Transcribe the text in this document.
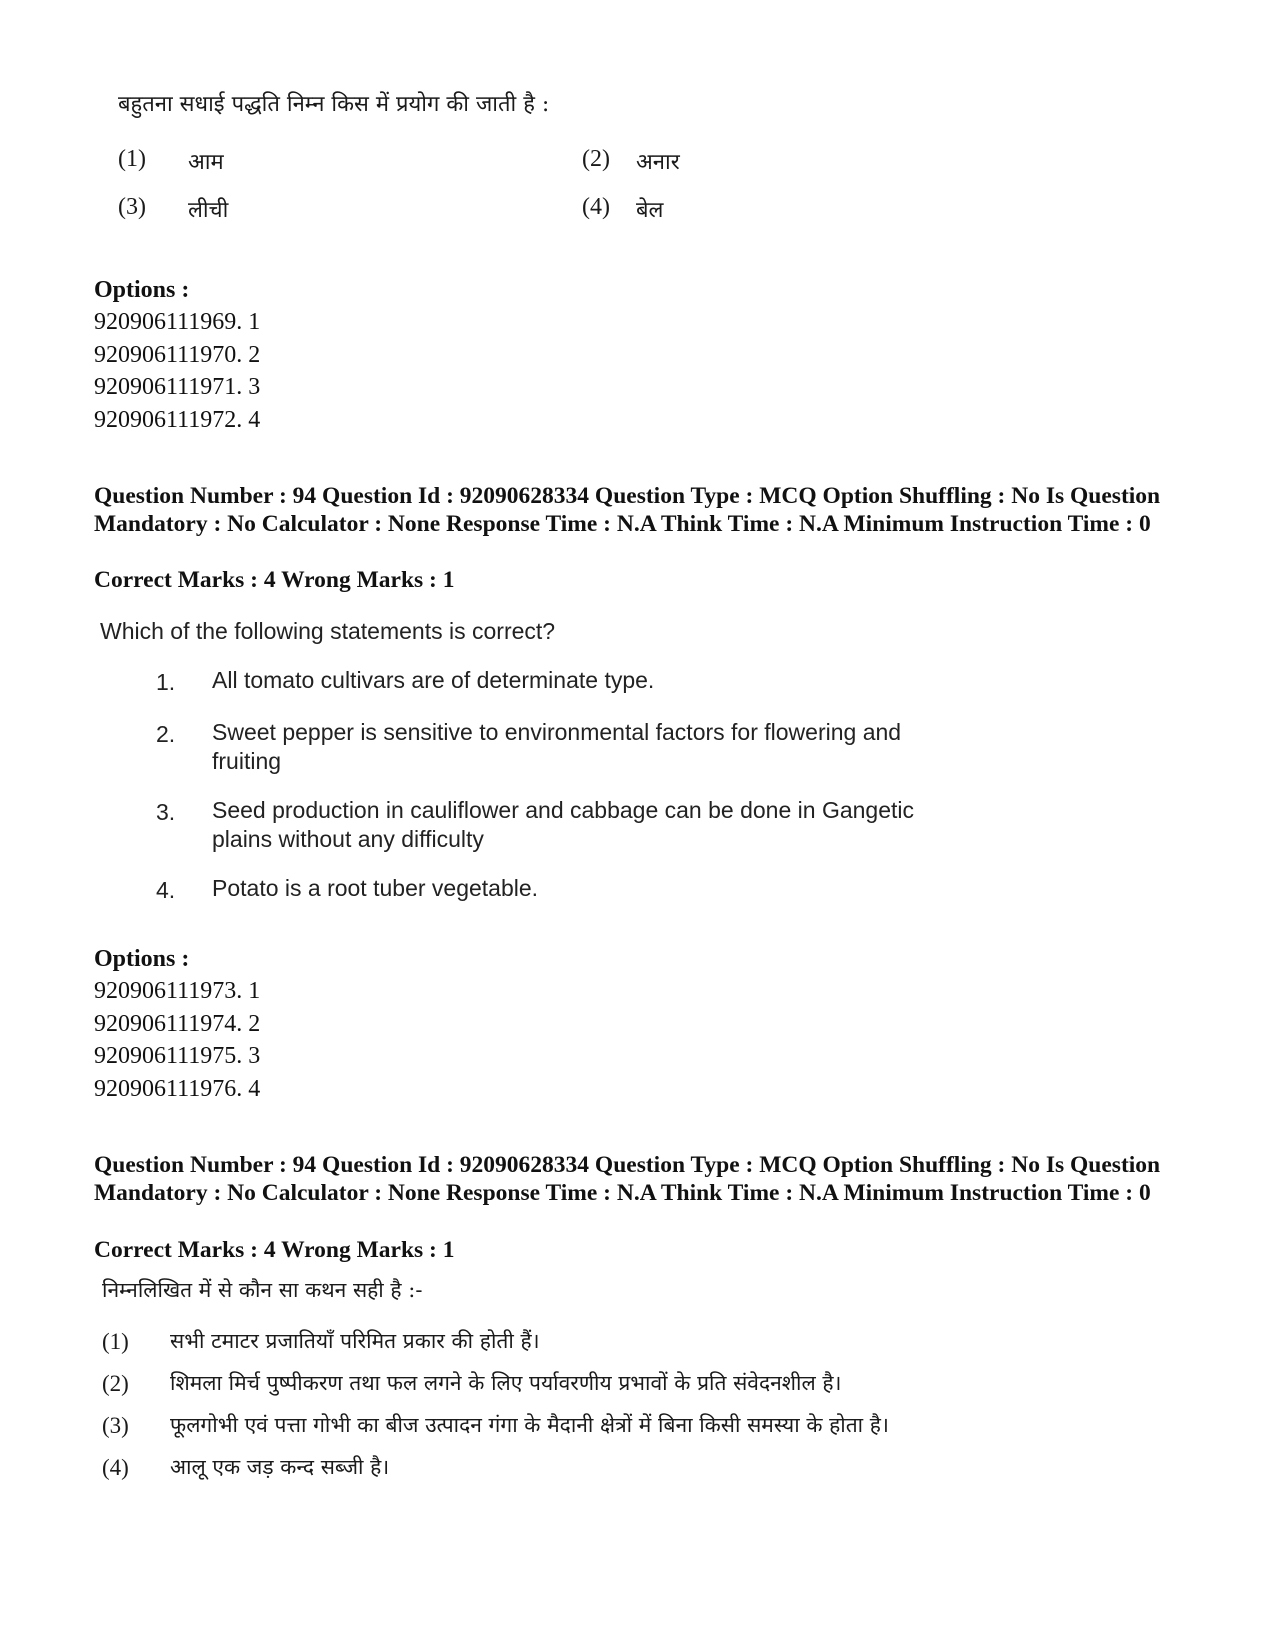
बहुतना सधाई पद्धति निम्न किस में प्रयोग की जाती है :
(1) आम	(2) अनार
(3) लीची	(4) बेल
Options :
920906111969. 1
920906111970. 2
920906111971. 3
920906111972. 4
Question Number : 94 Question Id : 92090628334 Question Type : MCQ Option Shuffling : No Is Question Mandatory : No Calculator : None Response Time : N.A Think Time : N.A Minimum Instruction Time : 0
Correct Marks : 4 Wrong Marks : 1
Which of the following statements is correct?
1. All tomato cultivars are of determinate type.
2. Sweet pepper is sensitive to environmental factors for flowering and fruiting
3. Seed production in cauliflower and cabbage can be done in Gangetic plains without any difficulty
4. Potato is a root tuber vegetable.
Options :
920906111973. 1
920906111974. 2
920906111975. 3
920906111976. 4
Question Number : 94 Question Id : 92090628334 Question Type : MCQ Option Shuffling : No Is Question Mandatory : No Calculator : None Response Time : N.A Think Time : N.A Minimum Instruction Time : 0
Correct Marks : 4 Wrong Marks : 1
निम्नलिखित में से कौन सा कथन सही है :-
(1) सभी टमाटर प्रजातियाँ परिमित प्रकार की होती हैं।
(2) शिमला मिर्च पुष्पीकरण तथा फल लगने के लिए पर्यावरणीय प्रभावों के प्रति संवेदनशील है।
(3) फूलगोभी एवं पत्ता गोभी का बीज उत्पादन गंगा के मैदानी क्षेत्रों में बिना किसी समस्या के होता है।
(4) आलू एक जड़ कन्द सब्जी है।
